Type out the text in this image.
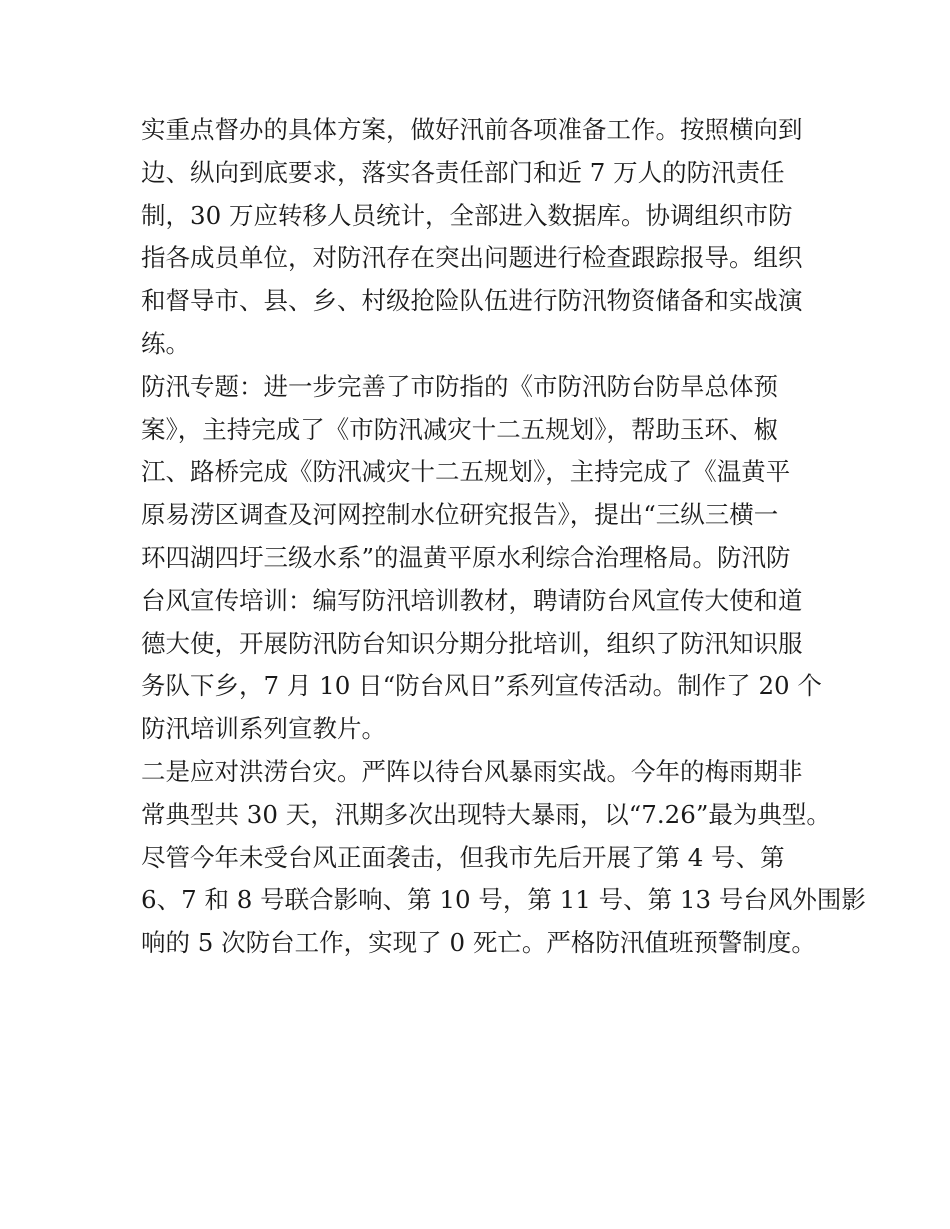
实重点督办的具体方案，做好汛前各项准备工作。按照横向到
边、纵向到底要求，落实各责任部门和近 7 万人的防汛责任
制，30 万应转移人员统计，全部进入数据库。协调组织市防
指各成员单位，对防汛存在突出问题进行检查跟踪报导。组织
和督导市、县、乡、村级抢险队伍进行防汛物资储备和实战演
练。
防汛专题：进一步完善了市防指的《市防汛防台防旱总体预
案》，主持完成了《市防汛减灾十二五规划》，帮助玉环、椒
江、路桥完成《防汛减灾十二五规划》，主持完成了《温黄平
原易涝区调查及河网控制水位研究报告》，提出“三纵三横一
环四湖四圩三级水系”的温黄平原水利综合治理格局。防汛防
台风宣传培训：编写防汛培训教材，聘请防台风宣传大使和道
德大使，开展防汛防台知识分期分批培训，组织了防汛知识服
务队下乡，7 月 10 日“防台风日”系列宣传活动。制作了 20 个
防汛培训系列宣教片。
二是应对洪涝台灾。严阵以待台风暴雨实战。今年的梅雨期非
常典型共 30 天，汛期多次出现特大暴雨，以“7.26”最为典型。
尽管今年未受台风正面袭击，但我市先后开展了第 4 号、第
6、7 和 8 号联合影响、第 10 号，第 11 号、第 13 号台风外围影
响的 5 次防台工作，实现了 0 死亡。严格防汛值班预警制度。
